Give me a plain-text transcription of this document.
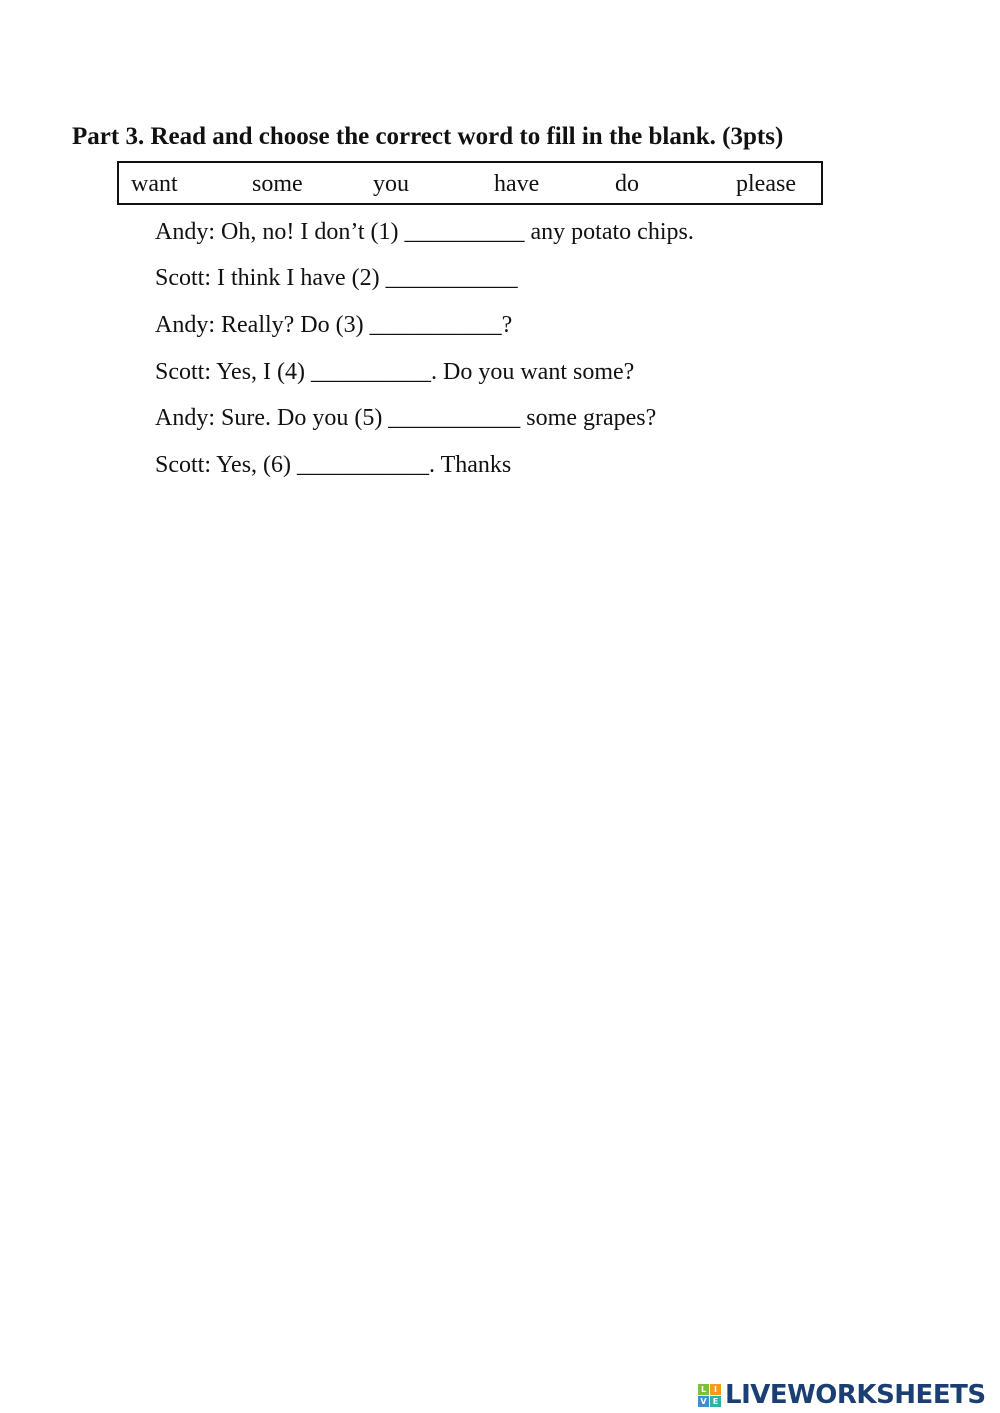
Part 3. Read and choose the correct word to fill in the blank. (3pts)
want	some	you	have	do	please
Andy: Oh, no! I don’t (1) __________ any potato chips.
Scott: I think I have (2) ___________
Andy: Really? Do (3) ___________?
Scott: Yes, I (4) __________. Do you want some?
Andy: Sure. Do you (5) ___________ some grapes?
Scott: Yes, (6) ___________. Thanks
L I
V E LIVEWORKSHEETS
